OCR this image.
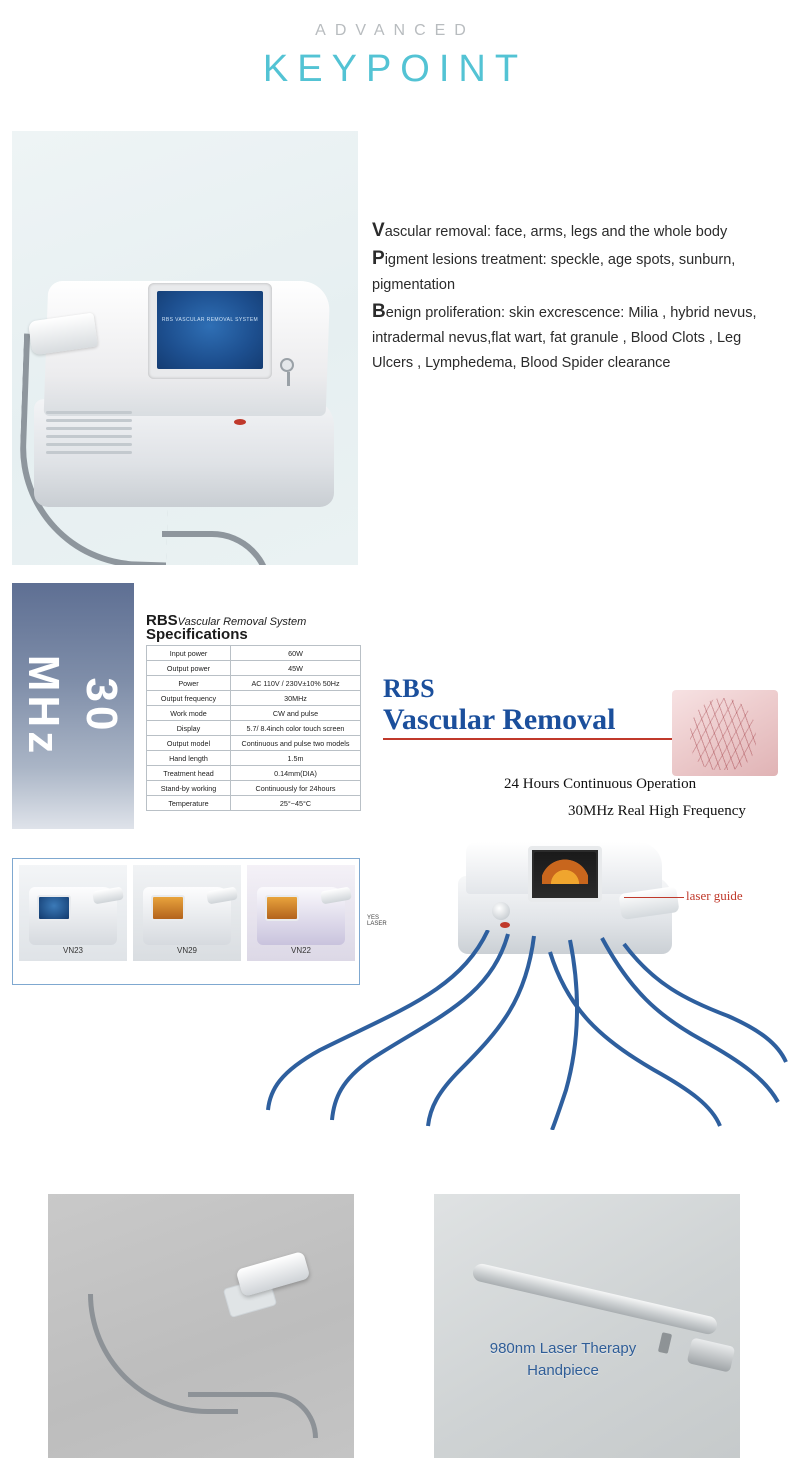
ADVANCED
KEYPOINT
RBS VASCULAR REMOVAL SYSTEM

Vascular removal: face, arms, legs and the whole body

Pigment lesions treatment: speckle, age spots, sunburn, pigmentation

Benign proliferation: skin excrescence: Milia , hybrid nevus, intradermal nevus,flat wart, fat granule , Blood Clots , Leg Ulcers , Lymphedema, Blood Spider clearance

30
MHz
RBSVascular Removal System
Specifications
Input power	60W
Output power	45W
Power	AC 110V / 230V±10% 50Hz
Output frequency	30MHz
Work mode	CW and pulse
Display	5.7/ 8.4inch color touch screen
Output model	Continuous and pulse two models
Hand length	1.5m
Treatment head	0.14mm(DIA)
Stand-by working	Continuously for 24hours
Temperature	25°~45°C
RBS
Vascular Removal
24 Hours Continuous Operation
30MHz Real High Frequency
VN23	VN29
YES LASER
VN22
laser guide
980nm Laser Therapy
Handpiece
